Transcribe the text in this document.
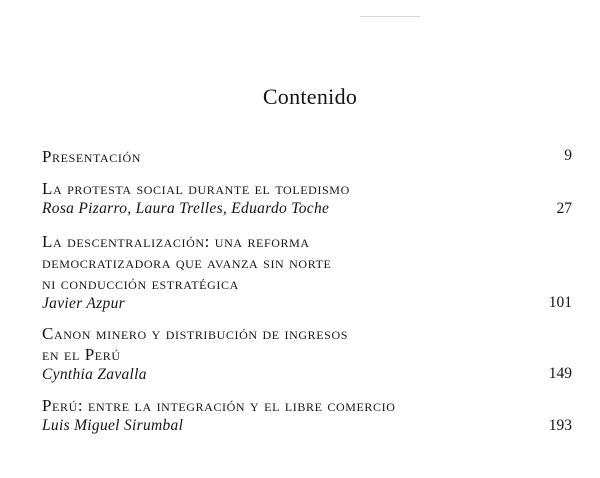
Contenido
Presentación	9
La protesta social durante el toledismo
Rosa Pizarro, Laura Trelles, Eduardo Toche	27
La descentralización: una reforma
democratizadora que avanza sin norte
ni conducción estratégica
Javier Azpur	101
Canon minero y distribución de ingresos
en el Perú
Cynthia Zavalla	149
Perú: entre la integración y el libre comercio
Luis Miguel Sirumbal	193
